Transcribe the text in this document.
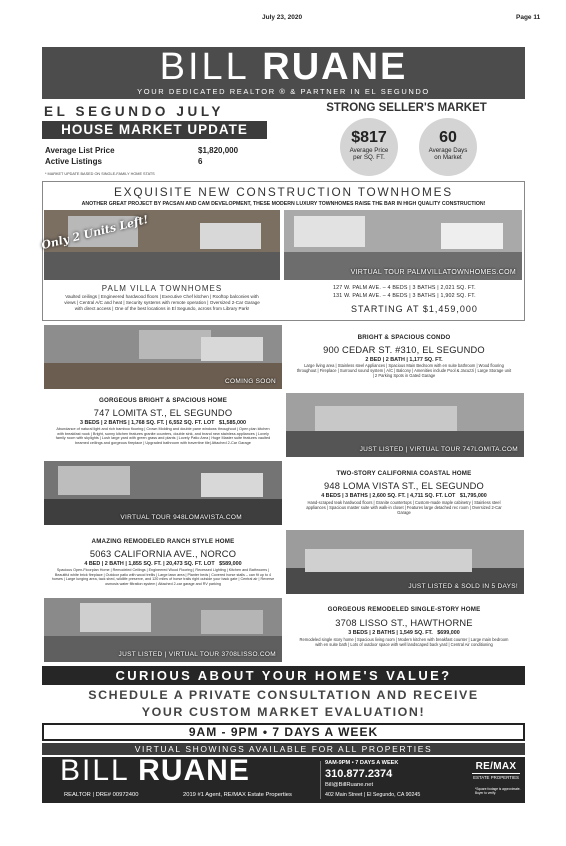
July 23, 2020	Page 11
BILL RUANE
YOUR DEDICATED REALTOR ® & PARTNER IN EL SEGUNDO
EL SEGUNDO JULY
HOUSE MARKET UPDATE
Average List Price	$1,820,000
Active Listings	6
* MARKET UPDATE BASED ON SINGLE-FAMILY HOME STATS
STRONG SELLER'S MARKET
$817
Average Price
per SQ. FT.
60
Average Days
on Market
EXQUISITE NEW CONSTRUCTION TOWNHOMES
ANOTHER GREAT PROJECT BY PACSAN AND CAM DEVELOPMENT, THESE MODERN LUXURY TOWNHOMES RAISE THE BAR IN HIGH QUALITY CONSTRUCTION!
Only 2 Units Left!
VIRTUAL TOUR PALMVILLATOWNHOMES.COM
PALM VILLA TOWNHOMES
Vaulted ceilings | Engineered hardwood floors | Executive Chef kitchen | Rooftop balconies with views | Central A/C and heat | Security systems with remote operation | Oversized 2-Car Garage with direct access | One of the best locations in El Segundo, across from Library Park!
127 W. PALM AVE. – 4 BEDS | 3 BATHS | 2,021 SQ. FT.
131 W. PALM AVE. – 4 BEDS | 3 BATHS | 1,902 SQ. FT.
STARTING AT $1,459,000
COMING SOON
BRIGHT & SPACIOUS CONDO
900 CEDAR ST. #310, EL SEGUNDO
2 BED | 2 BATH | 1,177 SQ. FT.
Large living area | Stainless steel Appliances | Spacious Main Bedroom with en suite bathroom | Wood flooring throughout | Fireplace | Surround sound system | A/C | Balcony | Amenities include Pool & Jacuzzi | Large Storage unit | 2 Parking Spots in Gated Garage
GORGEOUS BRIGHT & SPACIOUS HOME
747 LOMITA ST., EL SEGUNDO
3 BEDS | 2 BATHS | 1,768 SQ. FT. | 6,552 SQ. FT. LOT $1,585,000
Abundance of natural light and rich bamboo flooring | Crown Molding and double pane windows throughout | Open plan kitchen with breakfast nook | Bright, sunny kitchen features granite counters, double sink, and brand new stainless appliances | Lovely family room with skylights | Lush large yard with green grass and plants | Lovely Patio Area | Huge Master suite features vaulted beamed ceilings and gorgeous fireplace | Upgraded bathroom with travertine tile| Attached 2-Car Garage
JUST LISTED | VIRTUAL TOUR 747LOMITA.COM
VIRTUAL TOUR 948LOMAVISTA.COM
TWO-STORY CALIFORNIA COASTAL HOME
948 LOMA VISTA ST., EL SEGUNDO
4 BEDS | 3 BATHS | 2,600 SQ. FT. | 4,711 SQ. FT. LOT $1,795,000
Hand-scraped teak hardwood floors | Granite countertops | Custom-made maple cabinetry | Stainless steel appliances | Spacious master suite with walk-in closet | Features large detached rec room | Oversized 2-Car Garage
AMAZING REMODELED RANCH STYLE HOME
5063 CALIFORNIA AVE., NORCO
4 BED | 2 BATH | 1,855 SQ. FT. | 20,473 SQ. FT. LOT $589,000
Spacious Open-Floorplan Home | Remodeled Ceilings | Engineered Wood Flooring | Recessed Lighting | Kitchen and Bathrooms | Beautiful white brick fireplace | Outdoor patio with wood trellis | Large lawn area | Planter beds | Covered horse stalls – can fit up to 4 horses | Large lunging area, tack shed, wildlife preserve, and 120 miles of horse trails right outside your back gate | Central air | Reverse osmosis water filtration system | Attached 2-car garage and RV parking	JUST LISTED & SOLD IN 5 DAYS!
JUST LISTED | VIRTUAL TOUR 3708LISSO.COM
GORGEOUS REMODELED SINGLE-STORY HOME
3708 LISSO ST., HAWTHORNE
3 BEDS | 2 BATHS | 1,549 SQ. FT. $699,000
Remodeled single story home | Spacious living room | Modern kitchen with breakfast counter | Large main bedroom with en suite bath | Lots of outdoor space with well landscaped back yard | Central Air conditioning
CURIOUS ABOUT YOUR HOME'S VALUE?
SCHEDULE A PRIVATE CONSULTATION AND RECEIVE
YOUR CUSTOM MARKET EVALUATION!
9AM - 9PM • 7 DAYS A WEEK
VIRTUAL SHOWINGS AVAILABLE FOR ALL PROPERTIES
BILL RUANE
REALTOR | DRE# 00972400	2019 #1 Agent, RE/MAX Estate Properties
9AM-9PM • 7 DAYS A WEEK
310.877.2374
Bill@BillRuane.net
402 Main Street | El Segundo, CA 90245
RE/MAX
ESTATE PROPERTIES
*Square footage is approximate. Buyer to verify.
